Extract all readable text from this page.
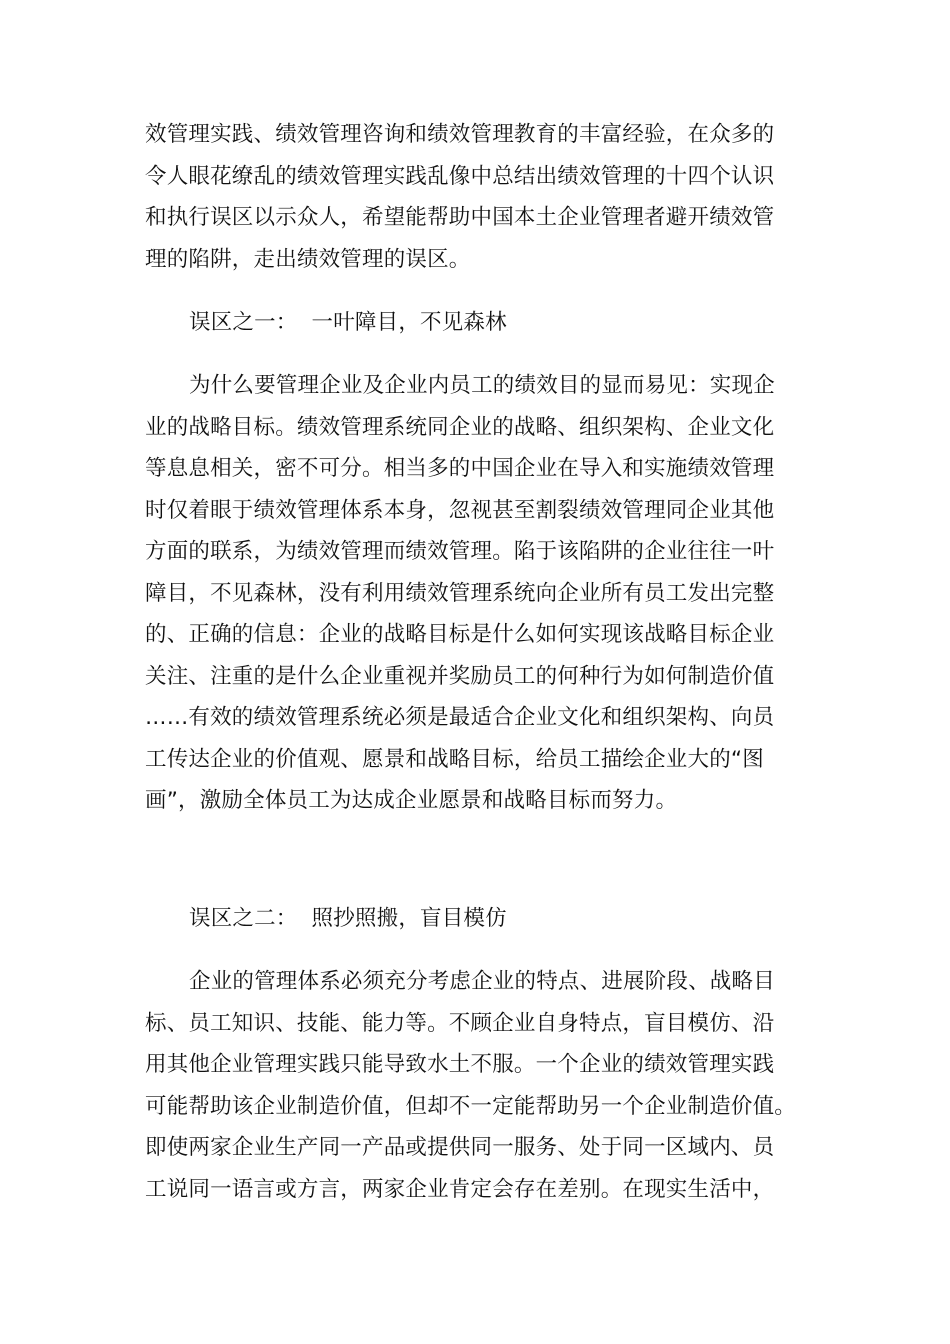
效管理实践、绩效管理咨询和绩效管理教育的丰富经验，在众多的
令人眼花缭乱的绩效管理实践乱像中总结出绩效管理的十四个认识
和执行误区以示众人，希望能帮助中国本土企业管理者避开绩效管
理的陷阱，走出绩效管理的误区。
误区之一： 一叶障目，不见森林
为什么要管理企业及企业内员工的绩效目的显而易见：实现企
业的战略目标。绩效管理系统同企业的战略、组织架构、企业文化
等息息相关，密不可分。相当多的中国企业在导入和实施绩效管理
时仅着眼于绩效管理体系本身，忽视甚至割裂绩效管理同企业其他
方面的联系，为绩效管理而绩效管理。陷于该陷阱的企业往往一叶
障目，不见森林，没有利用绩效管理系统向企业所有员工发出完整
的、正确的信息：企业的战略目标是什么如何实现该战略目标企业
关注、注重的是什么企业重视并奖励员工的何种行为如何制造价值
……有效的绩效管理系统必须是最适合企业文化和组织架构、向员
工传达企业的价值观、愿景和战略目标，给员工描绘企业大的“图
画”，激励全体员工为达成企业愿景和战略目标而努力。
误区之二： 照抄照搬，盲目模仿
企业的管理体系必须充分考虑企业的特点、进展阶段、战略目
标、员工知识、技能、能力等。不顾企业自身特点，盲目模仿、沿
用其他企业管理实践只能导致水土不服。一个企业的绩效管理实践
可能帮助该企业制造价值，但却不一定能帮助另一个企业制造价值。
即使两家企业生产同一产品或提供同一服务、处于同一区域内、员
工说同一语言或方言，两家企业肯定会存在差别。在现实生活中，
